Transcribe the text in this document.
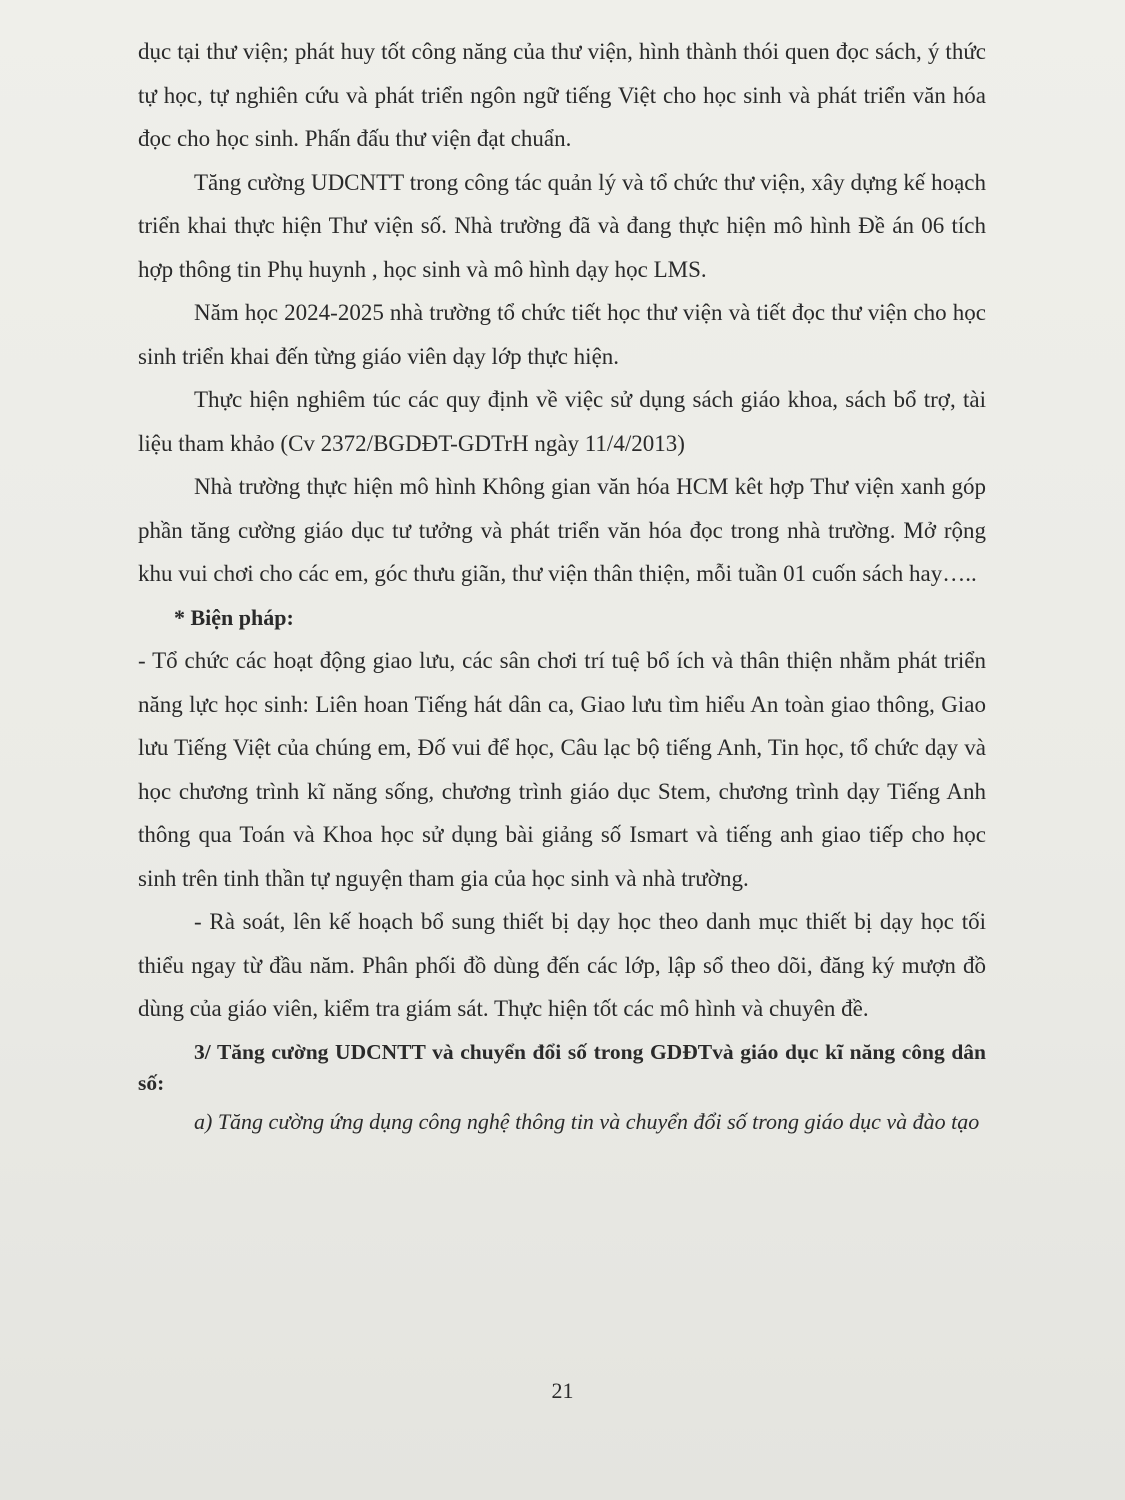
dục tại thư viện; phát huy tốt công năng của thư viện, hình thành thói quen đọc sách, ý thức tự học, tự nghiên cứu và phát triển ngôn ngữ tiếng Việt cho học sinh và phát triển văn hóa đọc cho học sinh. Phấn đấu thư viện đạt chuẩn.

Tăng cường UDCNTT trong công tác quản lý và tổ chức thư viện, xây dựng kế hoạch triển khai thực hiện Thư viện số. Nhà trường đã và đang thực hiện mô hình Đề án 06 tích hợp thông tin Phụ huynh , học sinh và mô hình dạy học LMS.

Năm học 2024-2025 nhà trường tổ chức tiết học thư viện và tiết đọc thư viện cho học sinh triển khai đến từng giáo viên dạy lớp thực hiện.

Thực hiện nghiêm túc các quy định về việc sử dụng sách giáo khoa, sách bổ trợ, tài liệu tham khảo (Cv 2372/BGDĐT-GDTrH ngày 11/4/2013)

Nhà trường thực hiện mô hình Không gian văn hóa HCM kêt hợp Thư viện xanh góp phần tăng cường giáo dục tư tưởng và phát triển văn hóa đọc trong nhà trường. Mở rộng khu vui chơi cho các em, góc thưu giãn, thư viện thân thiện, mỗi tuần 01 cuốn sách hay…..

* Biện pháp:

- Tổ chức các hoạt động giao lưu, các sân chơi trí tuệ bổ ích và thân thiện nhằm phát triển năng lực học sinh: Liên hoan Tiếng hát dân ca, Giao lưu tìm hiểu An toàn giao thông, Giao lưu Tiếng Việt của chúng em, Đố vui để học, Câu lạc bộ tiếng Anh, Tin học, tổ chức dạy và học chương trình kĩ năng sống, chương trình giáo dục Stem, chương trình dạy Tiếng Anh thông qua Toán và Khoa học sử dụng bài giảng số Ismart và tiếng anh giao tiếp cho học sinh trên tinh thần tự nguyện tham gia của học sinh và nhà trường.

- Rà soát, lên kế hoạch bổ sung thiết bị dạy học theo danh mục thiết bị dạy học tối thiểu ngay từ đầu năm. Phân phối đồ dùng đến các lớp, lập sổ theo dõi, đăng ký mượn đồ dùng của giáo viên, kiểm tra giám sát. Thực hiện tốt các mô hình và chuyên đề.

3/ Tăng cường UDCNTT và chuyển đổi số trong GDĐTvà giáo dục kĩ năng công dân số:

a) Tăng cường ứng dụng công nghệ thông tin và chuyển đổi số trong giáo dục và đào tạo

21
